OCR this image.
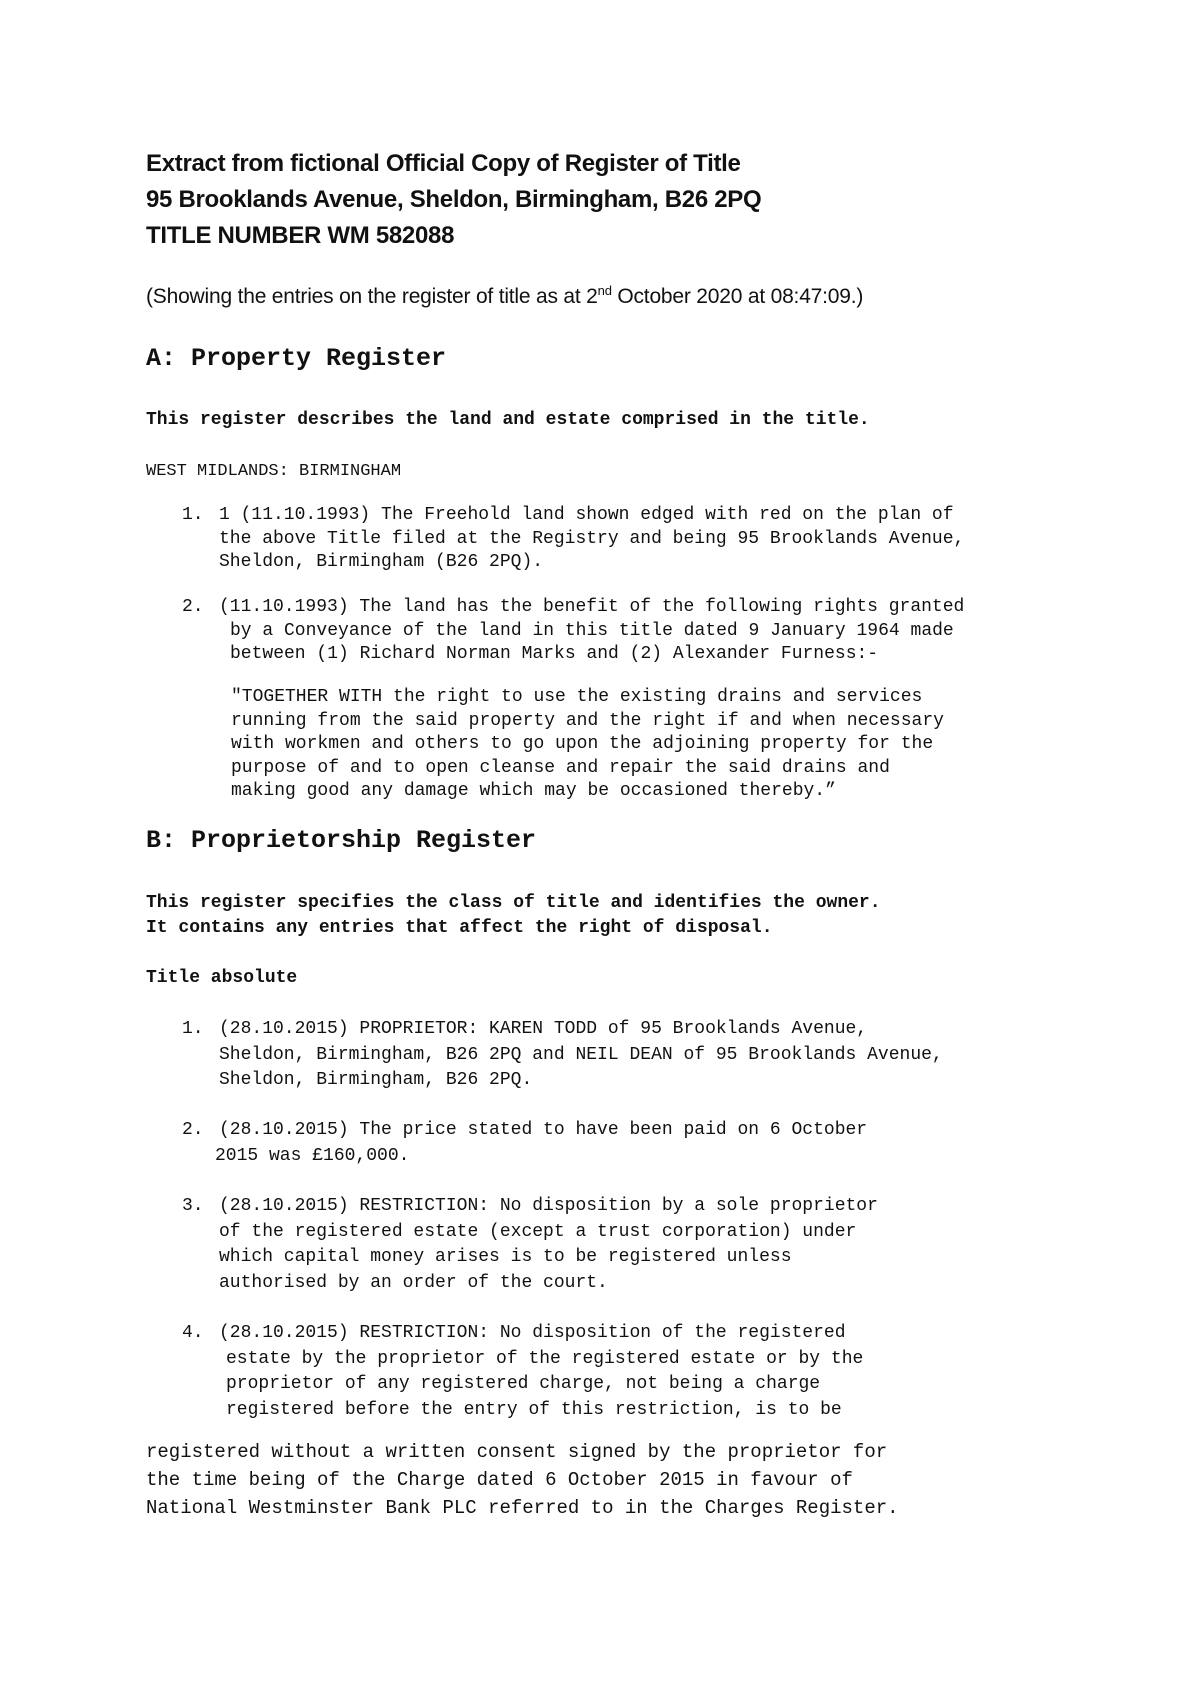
Extract from fictional Official Copy of Register of Title
95 Brooklands Avenue, Sheldon, Birmingham, B26 2PQ
TITLE NUMBER WM 582088
(Showing the entries on the register of title as at 2nd October 2020 at 08:47:09.)
A: Property Register
This register describes the land and estate comprised in the title.
WEST MIDLANDS: BIRMINGHAM
1. 1 (11.10.1993) The Freehold land shown edged with red on the plan of
the above Title filed at the Registry and being 95 Brooklands Avenue,
Sheldon, Birmingham (B26 2PQ).
2. (11.10.1993) The land has the benefit of the following rights granted
by a Conveyance of the land in this title dated 9 January 1964 made
between (1) Richard Norman Marks and (2) Alexander Furness:-
"TOGETHER WITH the right to use the existing drains and services
running from the said property and the right if and when necessary
with workmen and others to go upon the adjoining property for the
purpose of and to open cleanse and repair the said drains and
making good any damage which may be occasioned thereby.”
B: Proprietorship Register
This register specifies the class of title and identifies the owner.
It contains any entries that affect the right of disposal.
Title absolute
1. (28.10.2015) PROPRIETOR: KAREN TODD of 95 Brooklands Avenue,
Sheldon, Birmingham, B26 2PQ and NEIL DEAN of 95 Brooklands Avenue,
Sheldon, Birmingham, B26 2PQ.
2. (28.10.2015) The price stated to have been paid on 6 October
2015 was £160,000.
3. (28.10.2015) RESTRICTION: No disposition by a sole proprietor
of the registered estate (except a trust corporation) under
which capital money arises is to be registered unless
authorised by an order of the court.
4. (28.10.2015) RESTRICTION: No disposition of the registered
estate by the proprietor of the registered estate or by the
proprietor of any registered charge, not being a charge
registered before the entry of this restriction, is to be
registered without a written consent signed by the proprietor for
the time being of the Charge dated 6 October 2015 in favour of
National Westminster Bank PLC referred to in the Charges Register.
